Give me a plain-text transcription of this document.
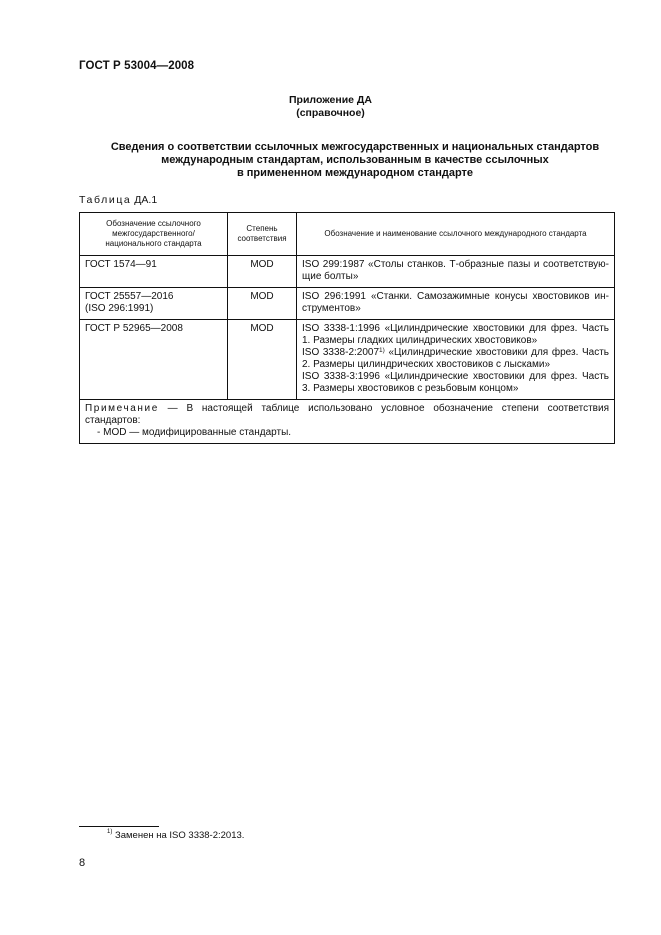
ГОСТ Р 53004—2008
Приложение ДА
(справочное)
Сведения о соответствии ссылочных межгосударственных и национальных стандартов
международным стандартам, использованным в качестве ссылочных
в примененном международном стандарте
Таблица ДА.1
Обозначение ссылочного межгосударственного/ национального стандарта	Степень соответствия	Обозначение и наименование ссылочного международного стандарта
ГОСТ 1574—91	MOD	ISO 299:1987 «Столы станков. Т-образные пазы и соответствую-щие болты»

ГОСТ 25557—2016
(ISO 296:1991)	MOD	ISO 296:1991 «Станки. Самозажимные конусы хвостовиков ин-струментов»
ГОСТ Р 52965—2008	MOD	ISO 3338-1:1996 «Цилиндрические хвостовики для фрез. Часть 1. Размеры гладких цилиндрических хвостовиков»
ISO 3338-2:2007$^{1)}$ «Цилиндрические хвостовики для фрез. Часть 2. Размеры цилиндрических хвостовиков с лысками»
ISO 3338-3:1996 «Цилиндрические хвостовики для фрез. Часть 3. Размеры хвостовиков с резьбовым концом»

Примечание — В настоящей таблице использовано условное обозначение степени соответствия стандартов:
- MOD — модифицированные стандарты.		
$^{1)}$ Заменен на ISO 3338-2:2013.
8
